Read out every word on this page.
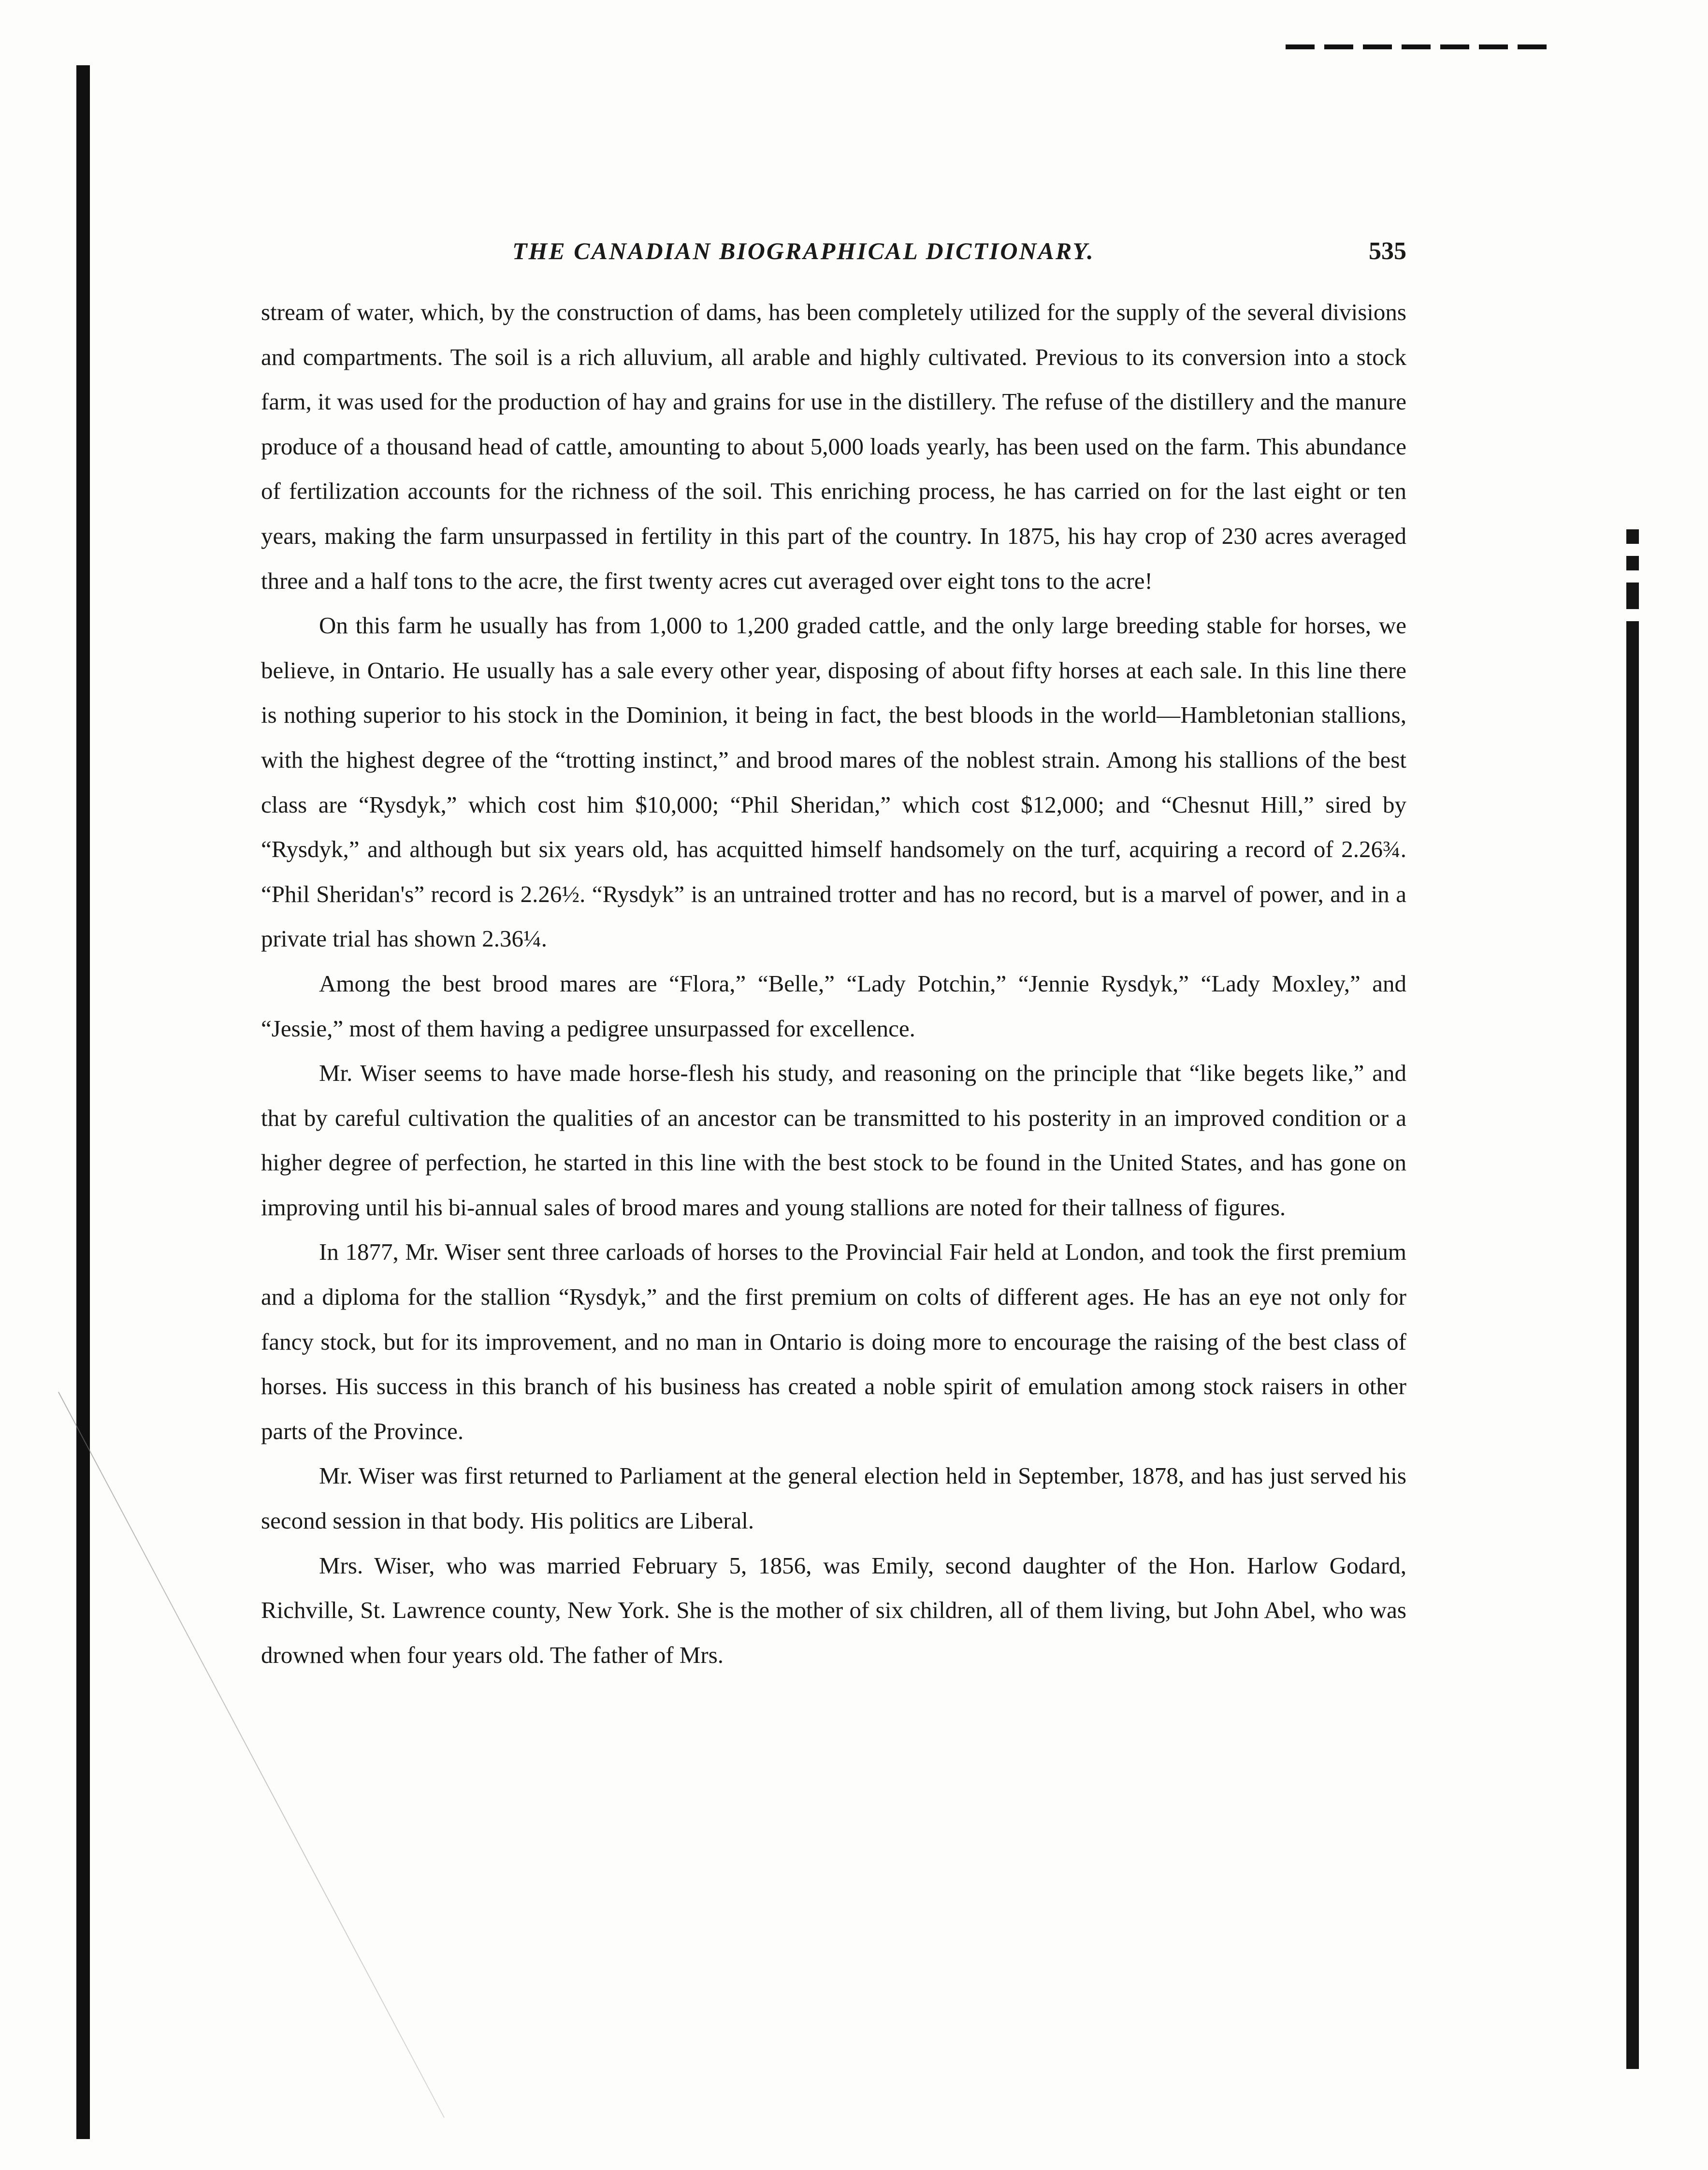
THE CANADIAN BIOGRAPHICAL DICTIONARY.	535

stream of water, which, by the construction of dams, has been completely utilized for the supply of the several divisions and compartments. The soil is a rich alluvium, all arable and highly cultivated. Previous to its conversion into a stock farm, it was used for the production of hay and grains for use in the distillery. The refuse of the distillery and the manure produce of a thousand head of cattle, amounting to about 5,000 loads yearly, has been used on the farm. This abundance of fertilization accounts for the richness of the soil. This enriching process, he has carried on for the last eight or ten years, making the farm unsurpassed in fertility in this part of the country. In 1875, his hay crop of 230 acres averaged three and a half tons to the acre, the first twenty acres cut averaged over eight tons to the acre!

On this farm he usually has from 1,000 to 1,200 graded cattle, and the only large breeding stable for horses, we believe, in Ontario. He usually has a sale every other year, disposing of about fifty horses at each sale. In this line there is nothing superior to his stock in the Dominion, it being in fact, the best bloods in the world—Hambletonian stallions, with the highest degree of the “trotting instinct,” and brood mares of the noblest strain. Among his stallions of the best class are “Rysdyk,” which cost him $10,000; “Phil Sheridan,” which cost $12,000; and “Chesnut Hill,” sired by “Rysdyk,” and although but six years old, has acquitted himself handsomely on the turf, acquiring a record of 2.26¾. “Phil Sheridan's” record is 2.26½. “Rysdyk” is an untrained trotter and has no record, but is a marvel of power, and in a private trial has shown 2.36¼.

Among the best brood mares are “Flora,” “Belle,” “Lady Potchin,” “Jennie Rysdyk,” “Lady Moxley,” and “Jessie,” most of them having a pedigree unsurpassed for excellence.

Mr. Wiser seems to have made horse-flesh his study, and reasoning on the principle that “like begets like,” and that by careful cultivation the qualities of an ancestor can be transmitted to his posterity in an improved condition or a higher degree of perfection, he started in this line with the best stock to be found in the United States, and has gone on improving until his bi-annual sales of brood mares and young stallions are noted for their tallness of figures.

In 1877, Mr. Wiser sent three carloads of horses to the Provincial Fair held at London, and took the first premium and a diploma for the stallion “Rysdyk,” and the first premium on colts of different ages. He has an eye not only for fancy stock, but for its improvement, and no man in Ontario is doing more to encourage the raising of the best class of horses. His success in this branch of his business has created a noble spirit of emulation among stock raisers in other parts of the Province.

Mr. Wiser was first returned to Parliament at the general election held in September, 1878, and has just served his second session in that body. His politics are Liberal.

Mrs. Wiser, who was married February 5, 1856, was Emily, second daughter of the Hon. Harlow Godard, Richville, St. Lawrence county, New York. She is the mother of six children, all of them living, but John Abel, who was drowned when four years old. The father of Mrs.
